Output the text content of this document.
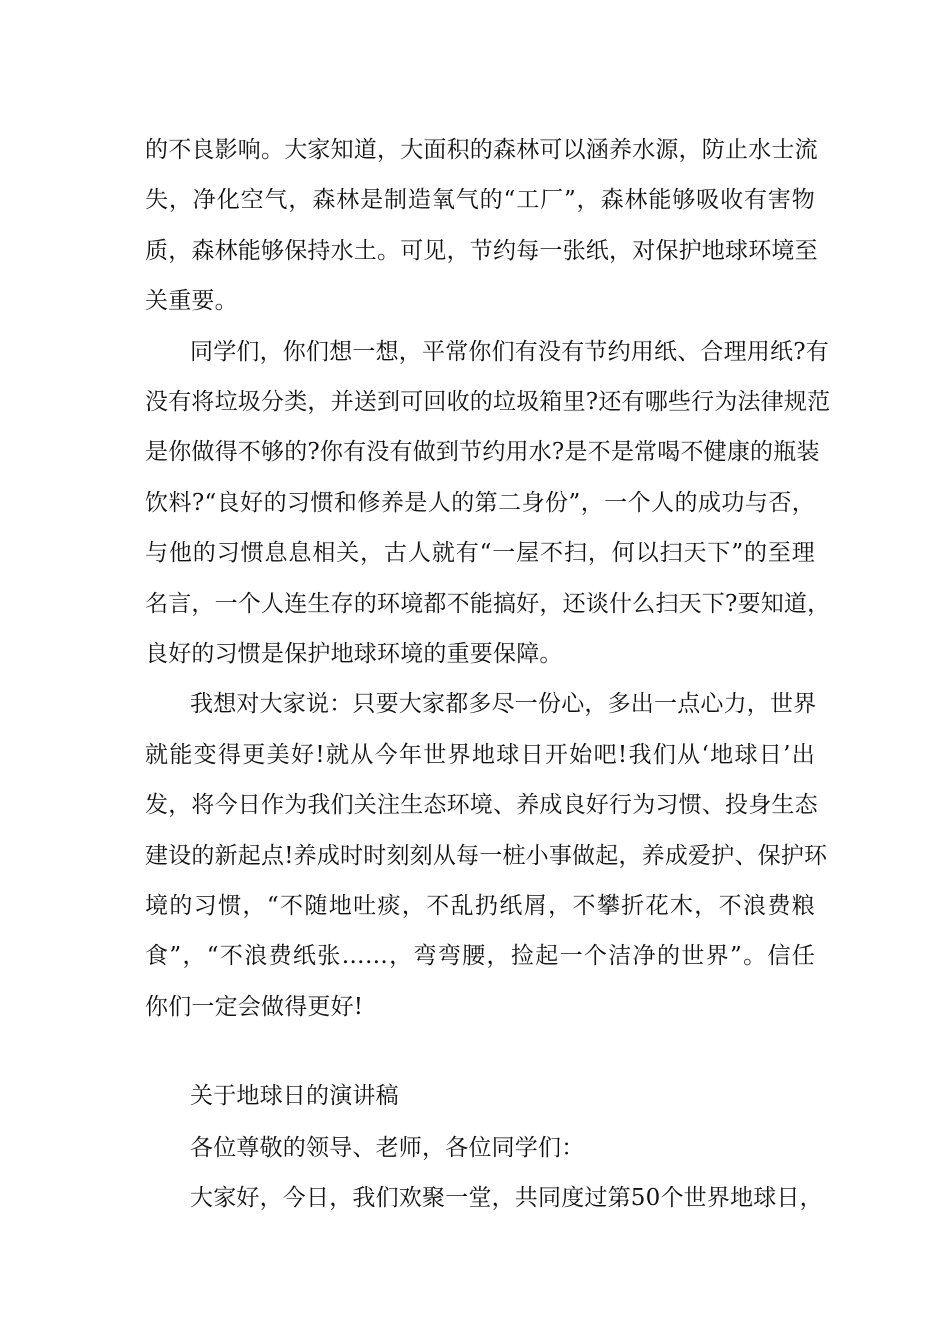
的不良影响。大家知道，大面积的森林可以涵养水源，防止水士流
失，净化空气，森林是制造氧气的“工厂”，森林能够吸收有害物
质，森林能够保持水土。可见，节约每一张纸，对保护地球环境至
关重要。
同学们，你们想一想，平常你们有没有节约用纸、合理用纸?有
没有将垃圾分类，并送到可回收的垃圾箱里?还有哪些行为法律规范
是你做得不够的?你有没有做到节约用水?是不是常喝不健康的瓶装
饮料?“良好的习惯和修养是人的第二身份”，一个人的成功与否，
与他的习惯息息相关，古人就有“一屋不扫，何以扫天下”的至理
名言，一个人连生存的环境都不能搞好，还谈什么扫天下?要知道，
良好的习惯是保护地球环境的重要保障。
我想对大家说：只要大家都多尽一份心，多出一点心力，世界
就能变得更美好!就从今年世界地球日开始吧!我们从‘地球日’出
发，将今日作为我们关注生态环境、养成良好行为习惯、投身生态
建设的新起点!养成时时刻刻从每一桩小事做起，养成爱护、保护环
境的习惯，“不随地吐痰，不乱扔纸屑，不攀折花木，不浪费粮
食”，“不浪费纸张……，弯弯腰，捡起一个洁净的世界”。信任
你们一定会做得更好!
关于地球日的演讲稿
各位尊敬的领导、老师，各位同学们：
大家好，今日，我们欢聚一堂，共同度过第50个世界地球日，
